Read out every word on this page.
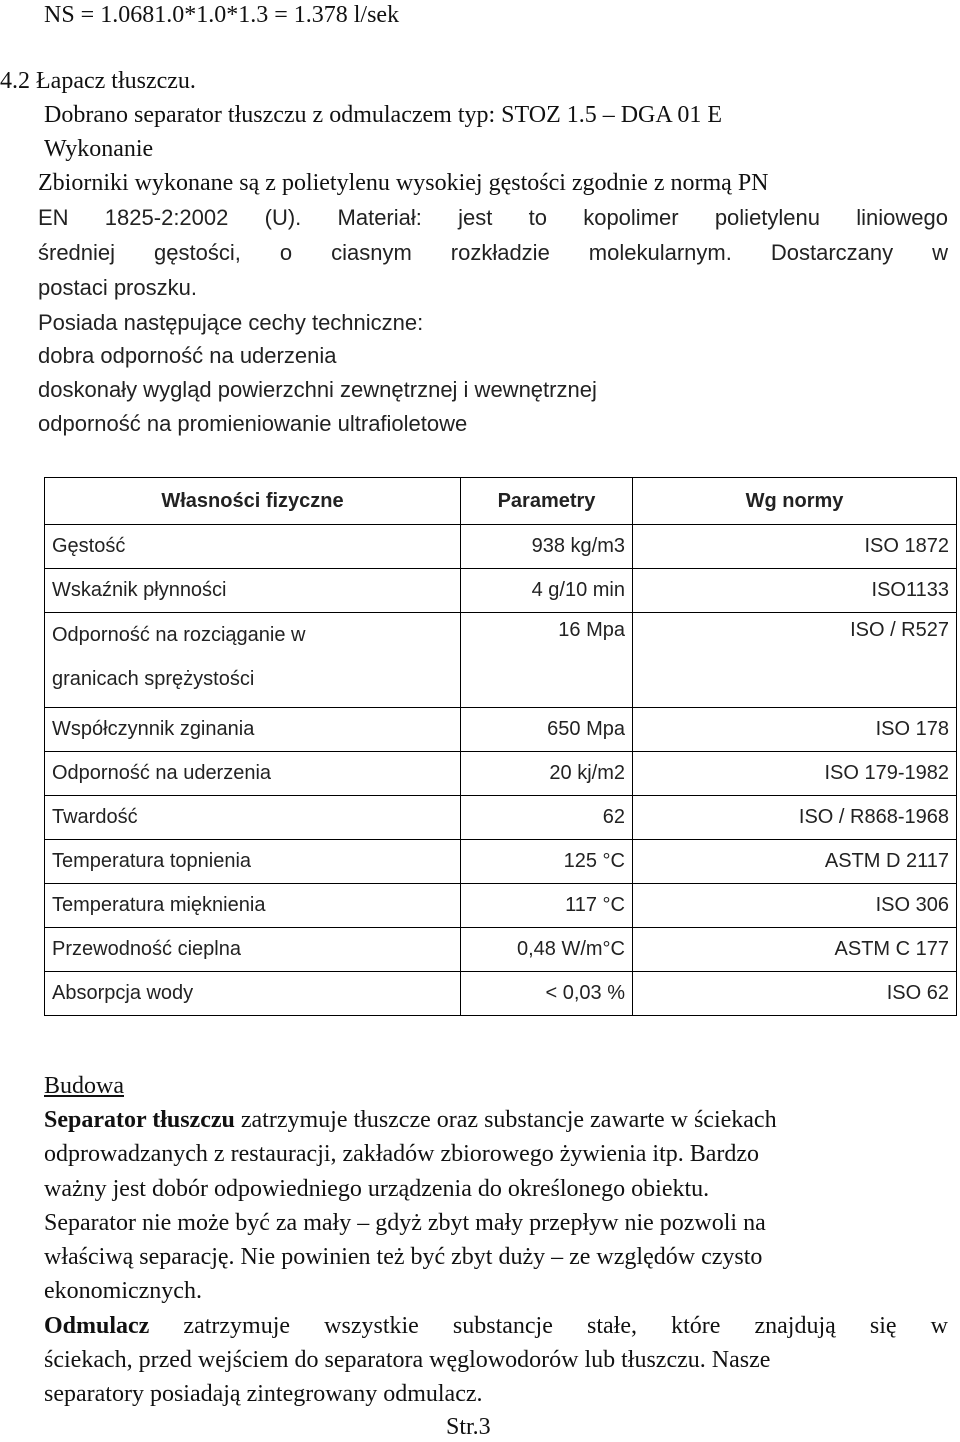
NS = 1.0681.0*1.0*1.3 = 1.378 l/sek
4.2 Łapacz tłuszczu.
Dobrano separator tłuszczu z odmulaczem typ: STOZ 1.5 – DGA 01 E
Wykonanie
Zbiorniki wykonane są z polietylenu wysokiej gęstości zgodnie z normą PN
EN 1825-2:2002 (U). Materiał: jest to kopolimer polietylenu liniowego
średniej gęstości, o ciasnym rozkładzie molekularnym. Dostarczany w
postaci proszku.
Posiada następujące cechy techniczne:
dobra odporność na uderzenia
doskonały wygląd powierzchni zewnętrznej i wewnętrznej
odporność na promieniowanie ultrafioletowe
Własności fizyczne	Parametry	Wg normy
Gęstość	938 kg/m3	ISO 1872
Wskaźnik płynności	4 g/10 min	ISO1133
Odporność na rozciąganie w
granicach sprężystości	16 Mpa	ISO / R527
Współczynnik zginania	650 Mpa	ISO 178
Odporność na uderzenia	20 kj/m2	ISO 179-1982
Twardość	62	ISO / R868-1968
Temperatura topnienia	125 °C	ASTM D 2117
Temperatura mięknienia	117 °C	ISO 306
Przewodność cieplna	0,48 W/m°C	ASTM C 177
Absorpcja wody	< 0,03 %	ISO 62
Budowa
Separator tłuszczu zatrzymuje tłuszcze oraz substancje zawarte w ściekach
odprowadzanych z restauracji, zakładów zbiorowego żywienia itp. Bardzo
ważny jest dobór odpowiedniego urządzenia do określonego obiektu.
Separator nie może być za mały – gdyż zbyt mały przepływ nie pozwoli na
właściwą separację. Nie powinien też być zbyt duży – ze względów czysto
ekonomicznych.
Odmulacz zatrzymuje wszystkie substancje stałe, które znajdują się w
ściekach, przed wejściem do separatora węglowodorów lub tłuszczu. Nasze
separatory posiadają zintegrowany odmulacz.
Str.3
